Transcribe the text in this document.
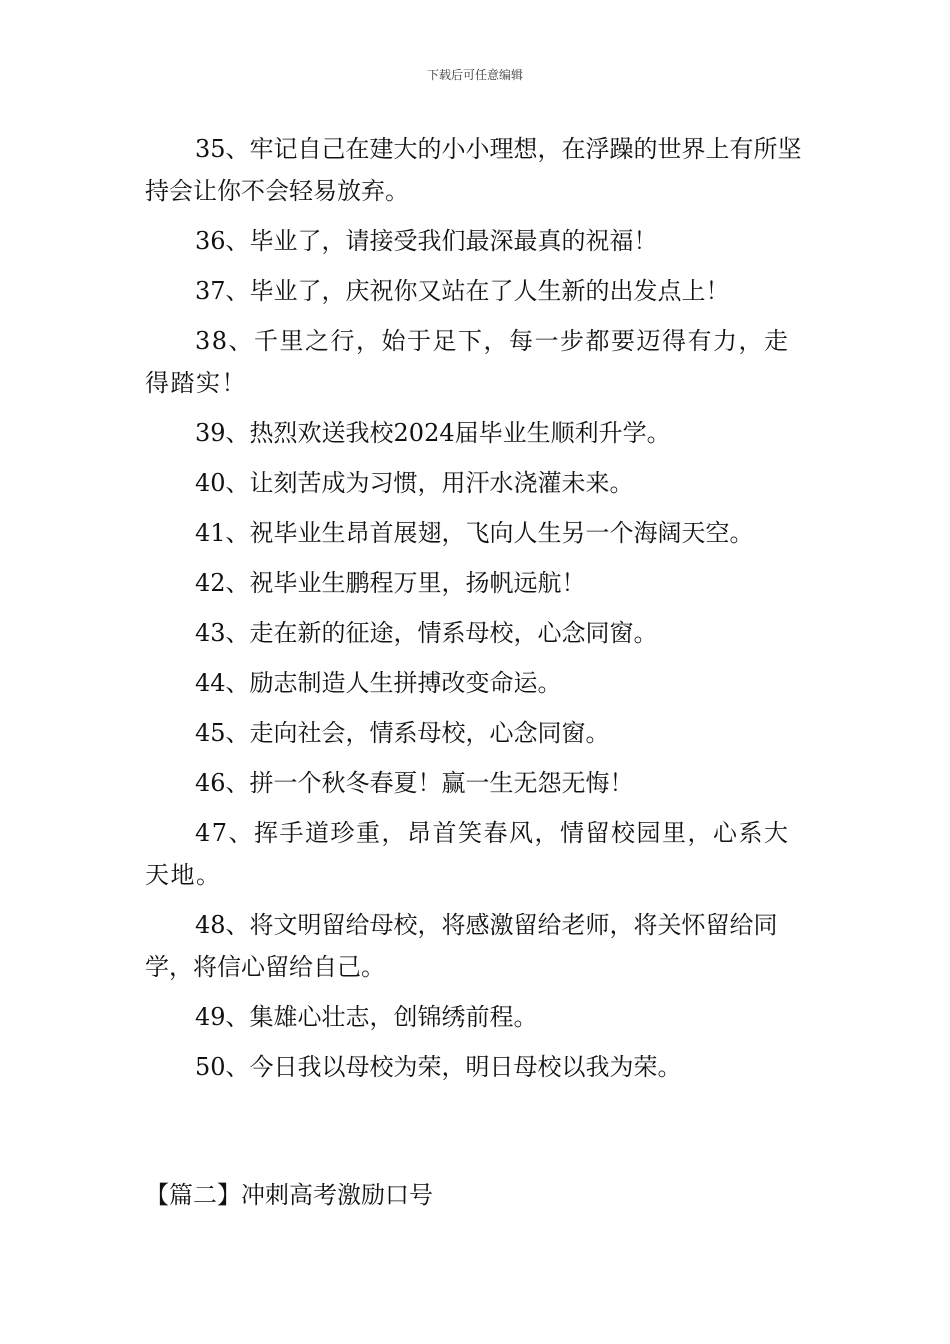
下载后可任意编辑

35、牢记自己在建大的小小理想，在浮躁的世界上有所坚持会让你不会轻易放弃。

36、毕业了，请接受我们最深最真的祝福！

37、毕业了，庆祝你又站在了人生新的出发点上！

38、千里之行，始于足下，每一步都要迈得有力，走得踏实！

39、热烈欢送我校2024届毕业生顺利升学。

40、让刻苦成为习惯，用汗水浇灌未来。

41、祝毕业生昂首展翅，飞向人生另一个海阔天空。

42、祝毕业生鹏程万里，扬帆远航！

43、走在新的征途，情系母校，心念同窗。

44、励志制造人生拼搏改变命运。

45、走向社会，情系母校，心念同窗。

46、拼一个秋冬春夏！赢一生无怨无悔！

47、挥手道珍重，昂首笑春风，情留校园里，心系大天地。

48、将文明留给母校，将感激留给老师，将关怀留给同学，将信心留给自己。

49、集雄心壮志，创锦绣前程。

50、今日我以母校为荣，明日母校以我为荣。

【篇二】冲刺高考激励口号
